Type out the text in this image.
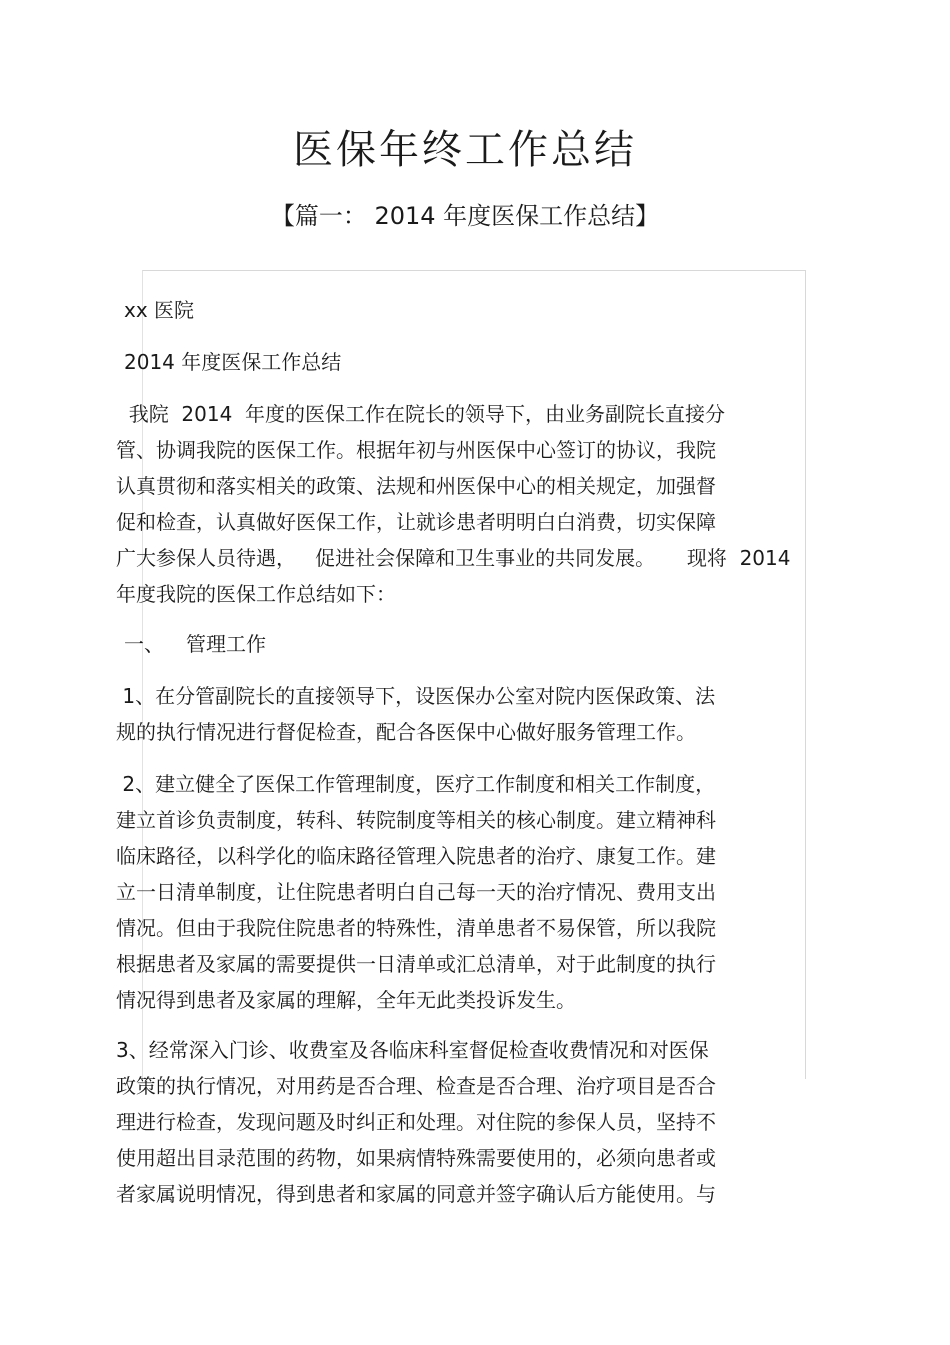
医保年终工作总结
【篇一： 2014 年度医保工作总结】
xx 医院
2014 年度医保工作总结
我院  2014  年度的医保工作在院长的领导下，由业务副院长直接分
管、协调我院的医保工作。根据年初与州医保中心签订的协议，我院
认真贯彻和落实相关的政策、法规和州医保中心的相关规定，加强督
促和检查，认真做好医保工作，让就诊患者明明白白消费，切实保障
广大参保人员待遇，   促进社会保障和卫生事业的共同发展。     现将  2014
年度我院的医保工作总结如下：
一、 管理工作
1、在分管副院长的直接领导下，设医保办公室对院内医保政策、法
规的执行情况进行督促检查，配合各医保中心做好服务管理工作。
2、建立健全了医保工作管理制度，医疗工作制度和相关工作制度，
建立首诊负责制度，转科、转院制度等相关的核心制度。建立精神科
临床路径，以科学化的临床路径管理入院患者的治疗、康复工作。建
立一日清单制度，让住院患者明白自己每一天的治疗情况、费用支出
情况。但由于我院住院患者的特殊性，清单患者不易保管，所以我院
根据患者及家属的需要提供一日清单或汇总清单，对于此制度的执行
情况得到患者及家属的理解，全年无此类投诉发生。
3、经常深入门诊、收费室及各临床科室督促检查收费情况和对医保
政策的执行情况，对用药是否合理、检查是否合理、治疗项目是否合
理进行检查，发现问题及时纠正和处理。对住院的参保人员，坚持不
使用超出目录范围的药物，如果病情特殊需要使用的，必须向患者或
者家属说明情况，得到患者和家属的同意并签字确认后方能使用。与
